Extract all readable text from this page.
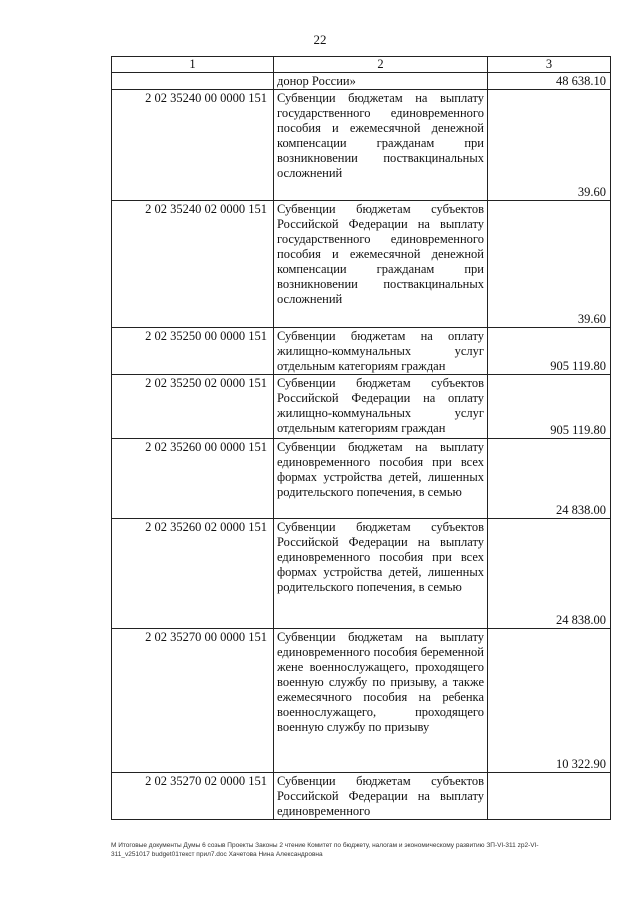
22
1	2	3
	донор России»	48 638.10
2 02 35240 00 0000 151	Субвенции бюджетам на выплату государственного единовременного пособия и ежемесячной денежной компенсации гражданам при возникновении поствакцинальных осложнений	39.60
2 02 35240 02 0000 151	Субвенции бюджетам субъектов Российской Федерации на выплату государственного единовременного пособия и ежемесячной денежной компенсации гражданам при возникновении поствакцинальных осложнений	39.60
2 02 35250 00 0000 151	Субвенции бюджетам на оплату жилищно-коммунальных услуг отдельным категориям граждан	905 119.80
2 02 35250 02 0000 151	Субвенции бюджетам субъектов Российской Федерации на оплату жилищно-коммунальных услуг отдельным категориям граждан	905 119.80
2 02 35260 00 0000 151	Субвенции бюджетам на выплату единовременного пособия при всех формах устройства детей, лишенных родительского попечения, в семью	24 838.00
2 02 35260 02 0000 151	Субвенции бюджетам субъектов Российской Федерации на выплату единовременного пособия при всех формах устройства детей, лишенных родительского попечения, в семью	24 838.00
2 02 35270 00 0000 151	Субвенции бюджетам на выплату единовременного пособия беременной жене военнослужащего, проходящего военную службу по призыву, а также ежемесячного пособия на ребенка военнослужащего, проходящего военную службу по призыву	10 322.90
2 02 35270 02 0000 151	Субвенции бюджетам субъектов Российской Федерации на выплату единовременного	
М Итоговые документы Думы 6 созыв Проекты Законы 2 чтение Комитет по бюджету, налогам и экономическому развитию ЗП-VI-311 zp2-VI-
311_v251017 budget01текст прил7.doc Хачетова Нина Александровна
